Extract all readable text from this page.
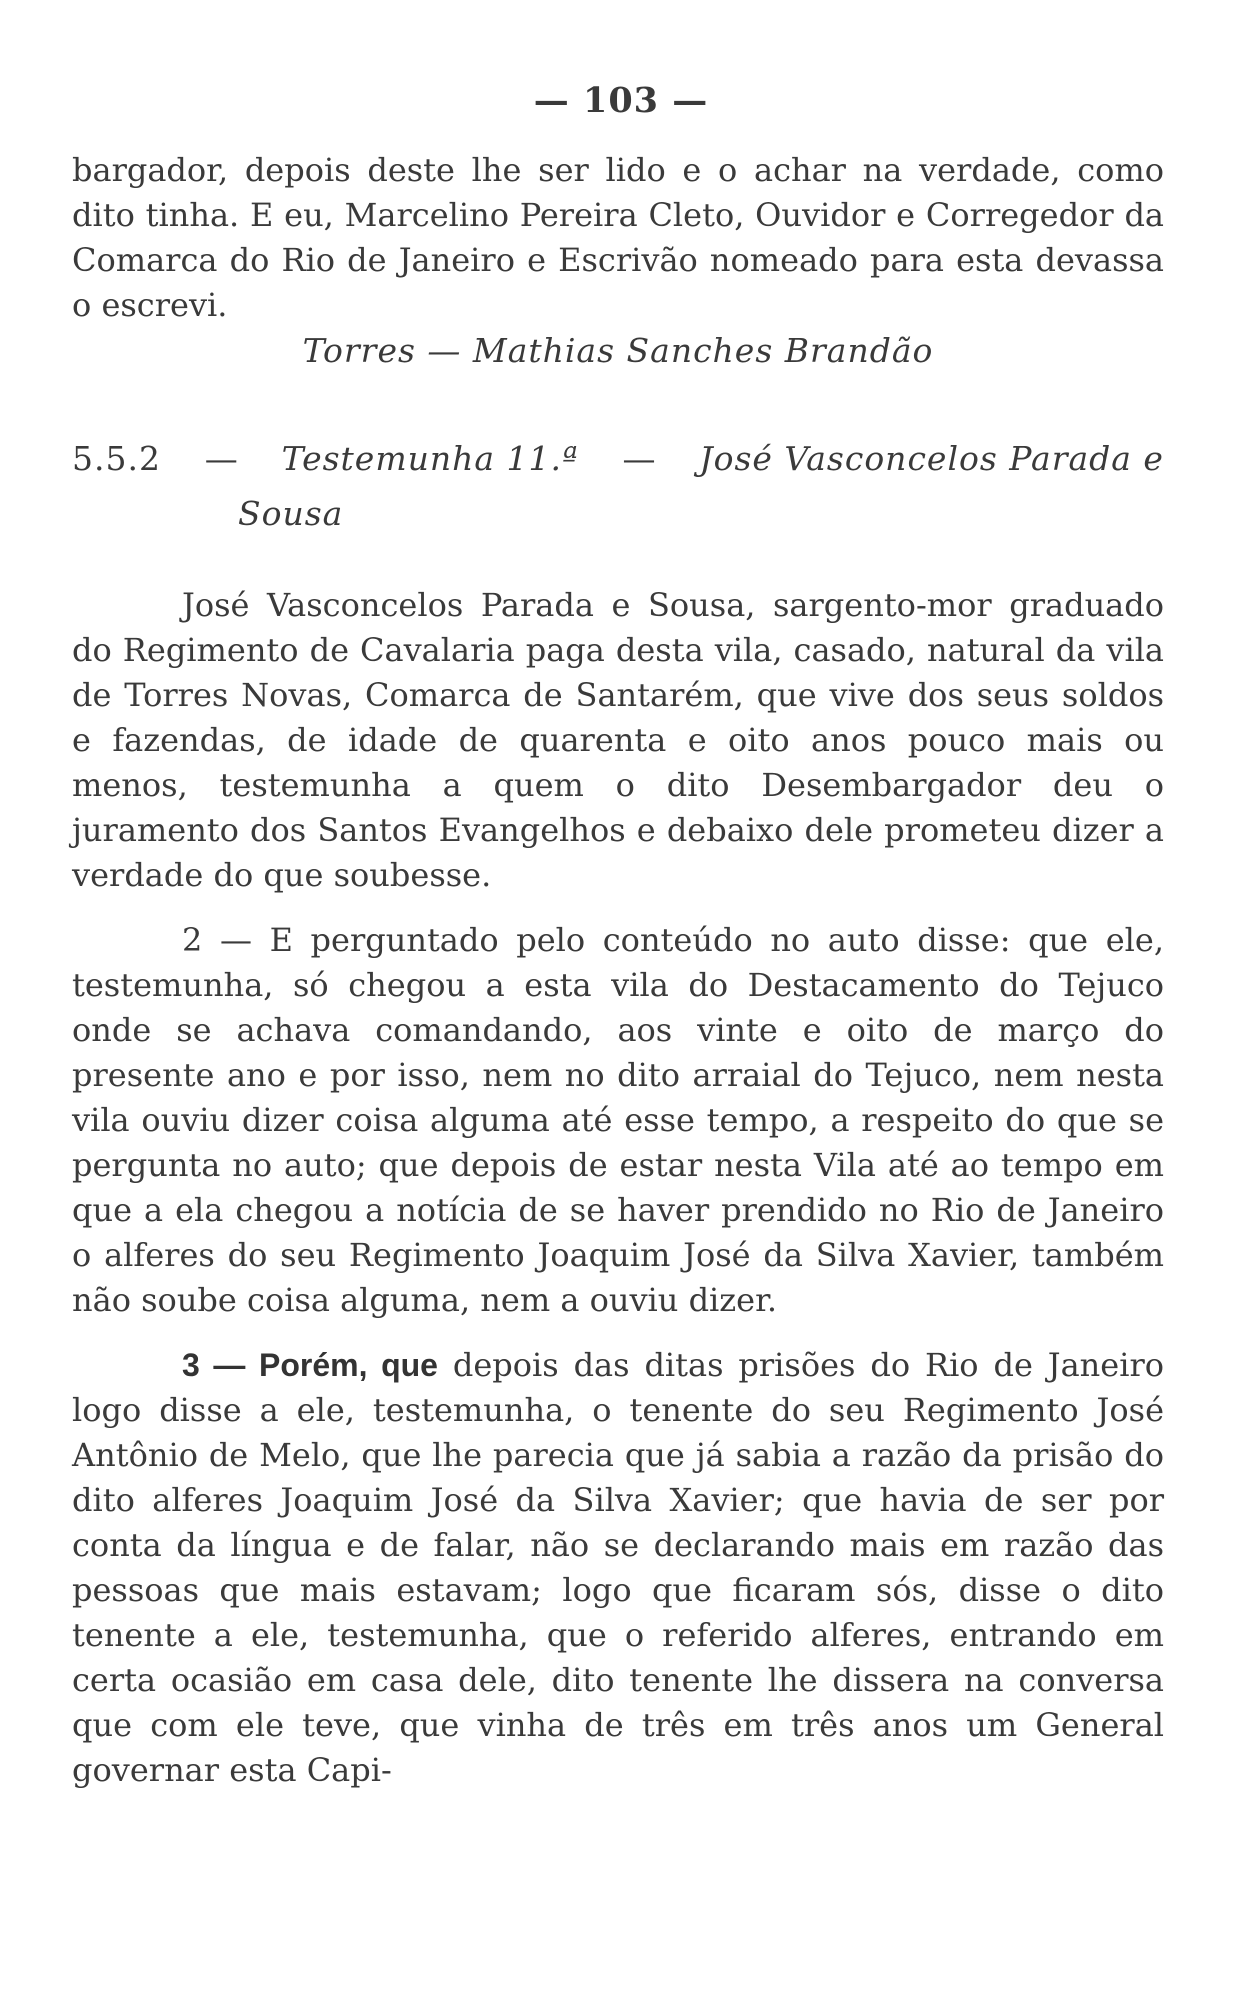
— 103 —

bargador, depois deste lhe ser lido e o achar na verdade, como dito tinha. E eu, Marcelino Pereira Cleto, Ouvidor e Corregedor da Comarca do Rio de Janeiro e Escrivão nomeado para esta devassa o escrevi.

Torres — Mathias Sanches Brandão

5.5.2 — Testemunha 11.ª — José Vasconcelos Parada e
Sousa

José Vasconcelos Parada e Sousa, sargento-mor graduado do Regimento de Cavalaria paga desta vila, casado, natural da vila de Torres Novas, Comarca de Santarém, que vive dos seus soldos e fazendas, de idade de quarenta e oito anos pouco mais ou menos, testemunha a quem o dito Desembargador deu o juramento dos Santos Evangelhos e debaixo dele prometeu dizer a verdade do que soubesse.

2 — E perguntado pelo conteúdo no auto disse: que ele, testemunha, só chegou a esta vila do Destacamento do Tejuco onde se achava comandando, aos vinte e oito de março do presente ano e por isso, nem no dito arraial do Tejuco, nem nesta vila ouviu dizer coisa alguma até esse tempo, a respeito do que se pergunta no auto; que depois de estar nesta Vila até ao tempo em que a ela chegou a notícia de se haver prendido no Rio de Janeiro o alferes do seu Regimento Joaquim José da Silva Xavier, também não soube coisa alguma, nem a ouviu dizer.

3 — Porém, que depois das ditas prisões do Rio de Janeiro logo disse a ele, testemunha, o tenente do seu Regimento José Antônio de Melo, que lhe parecia que já sabia a razão da prisão do dito alferes Joaquim José da Silva Xavier; que havia de ser por conta da língua e de falar, não se declarando mais em razão das pessoas que mais estavam; logo que ficaram sós, disse o dito tenente a ele, testemunha, que o referido alferes, entrando em certa ocasião em casa dele, dito tenente lhe dissera na conversa que com ele teve, que vinha de três em três anos um General governar esta Capi-
